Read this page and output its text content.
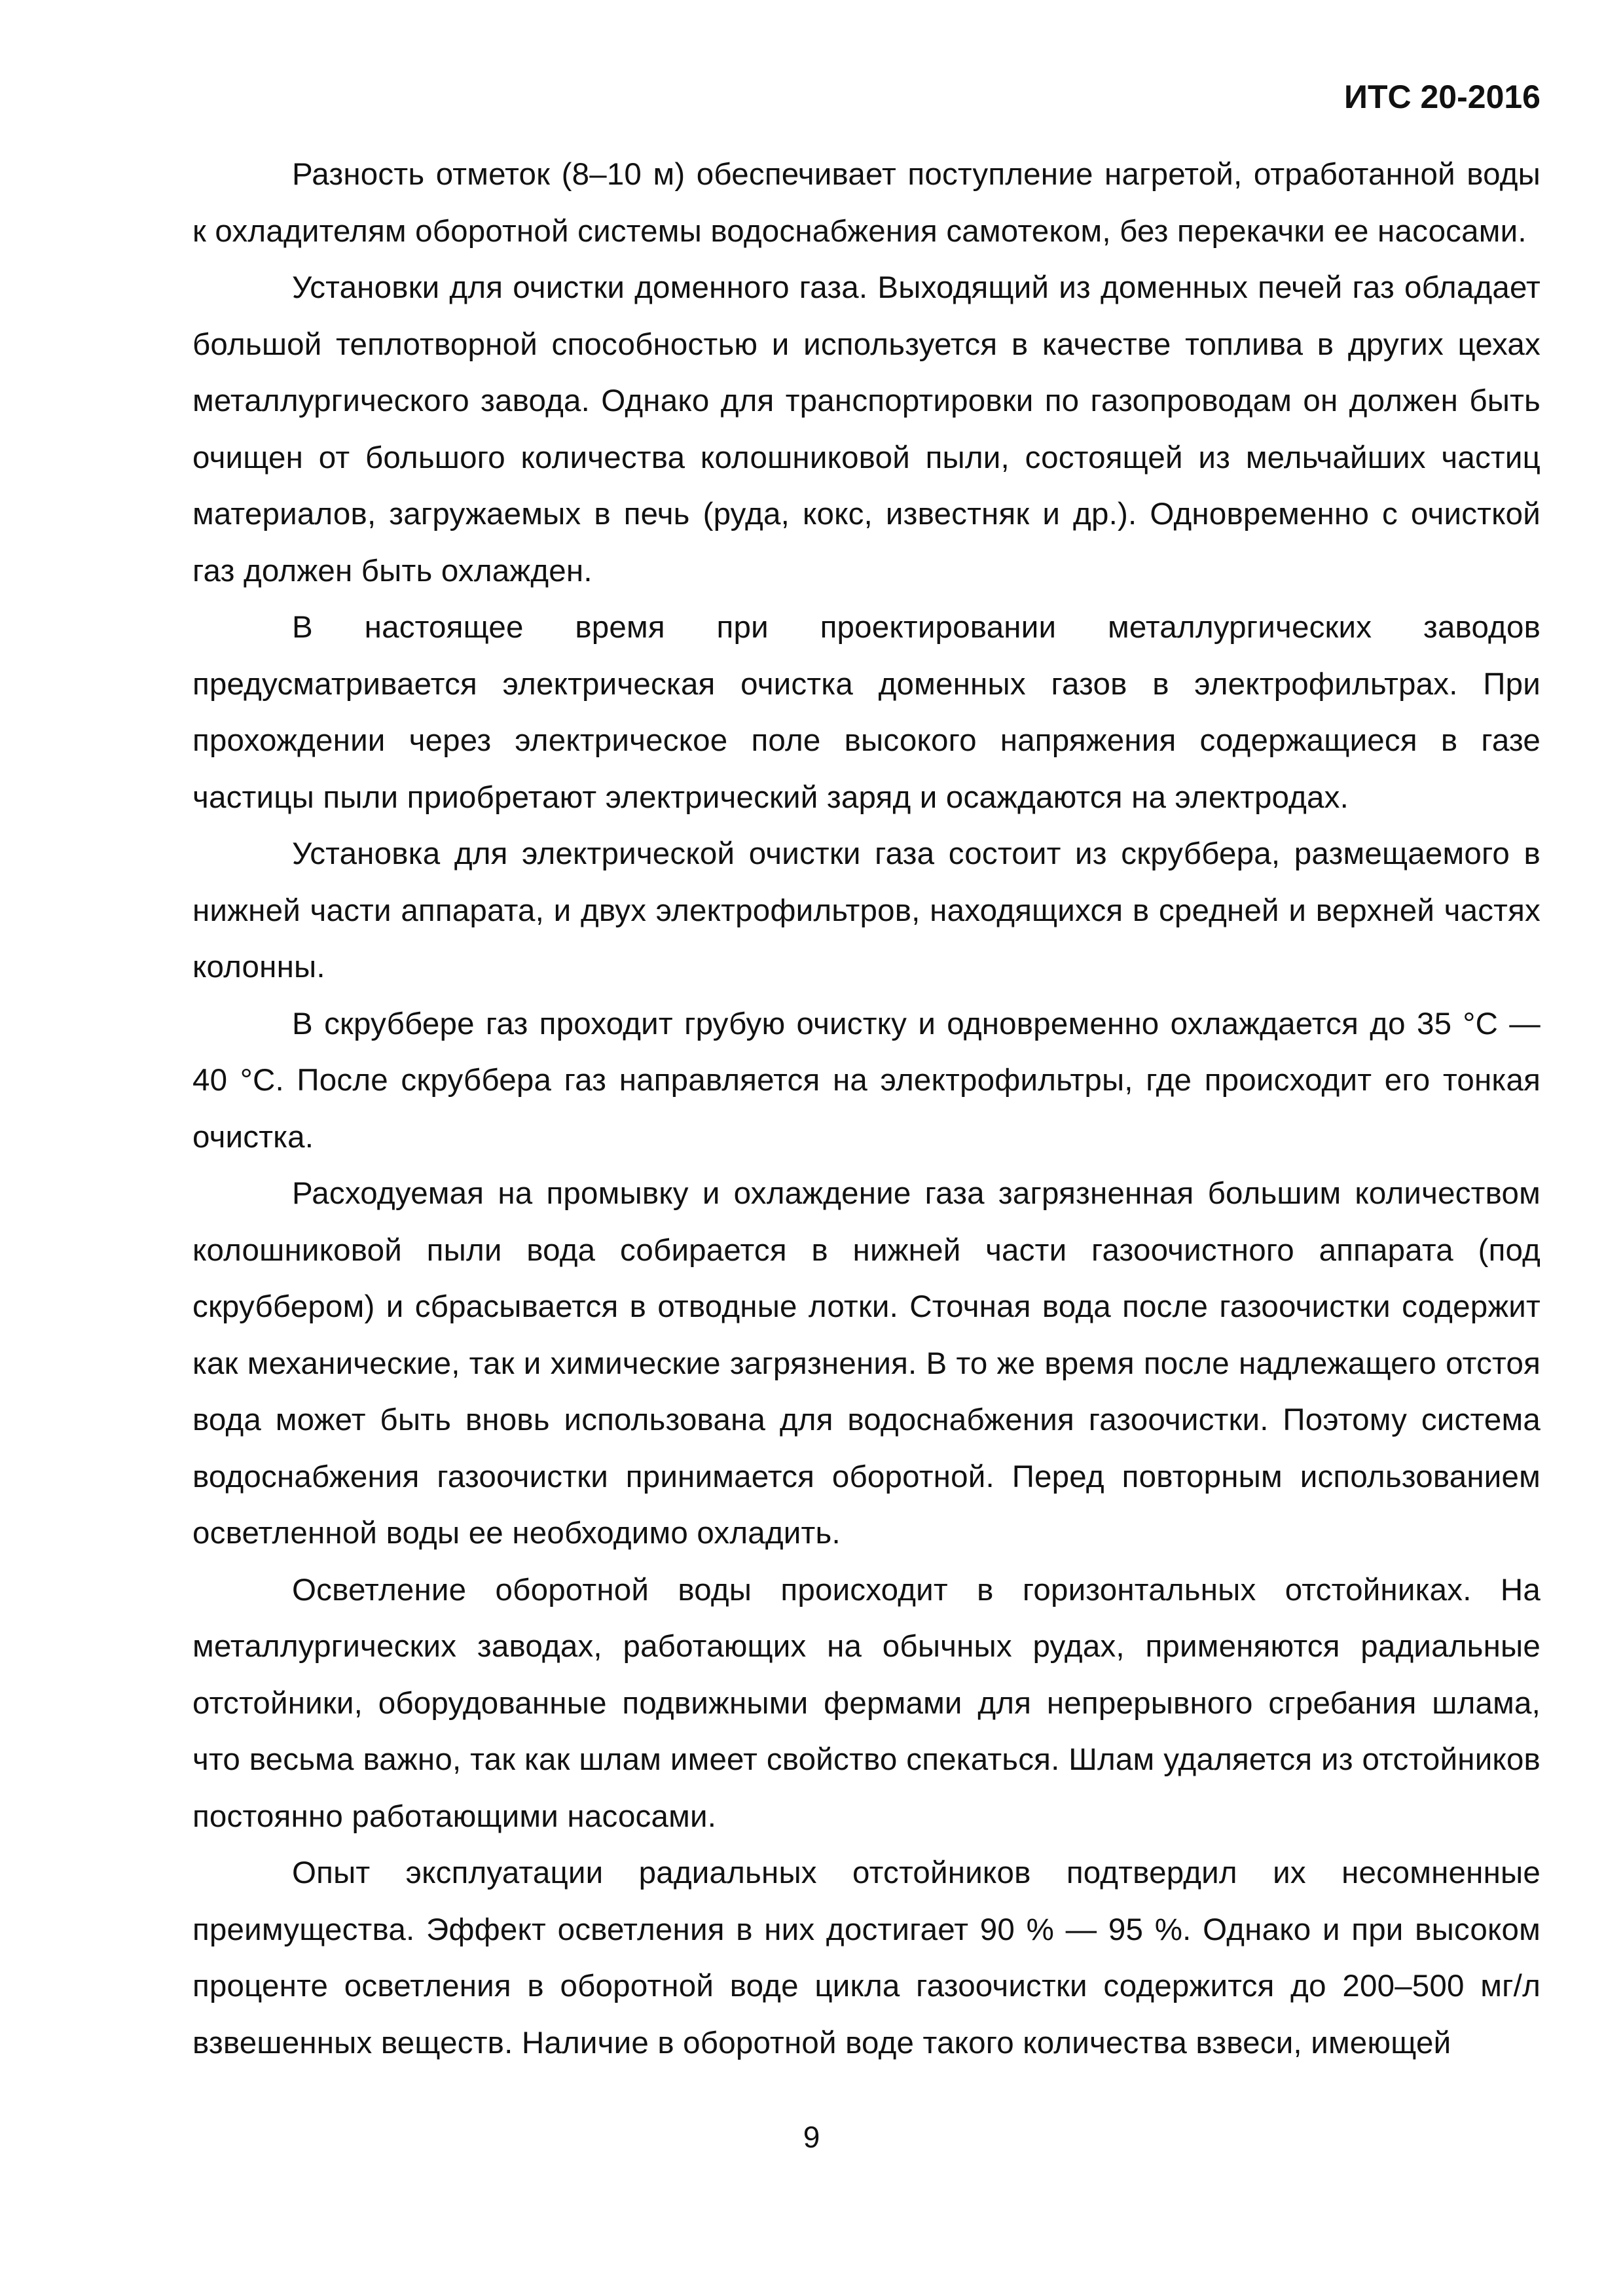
ИТС 20-2016

Разность отметок (8–10 м) обеспечивает поступление нагретой, отработанной воды к охладителям оборотной системы водоснабжения самотеком, без перекачки ее насосами.

Установки для очистки доменного газа. Выходящий из доменных печей газ обладает большой теплотворной способностью и используется в качестве топлива в других цехах металлургического завода. Однако для транспортировки по газопроводам он должен быть очищен от большого количества колошниковой пыли, состоящей из мельчайших частиц материалов, загружаемых в печь (руда, кокс, известняк и др.). Одновременно с очисткой газ должен быть охлажден.

В настоящее время при проектировании металлургических заводов предусматривается электрическая очистка доменных газов в электрофильтрах. При прохождении через электрическое поле высокого напряжения содержащиеся в газе частицы пыли приобретают электрический заряд и осаждаются на электродах.

Установка для электрической очистки газа состоит из скруббера, размещаемого в нижней части аппарата, и двух электрофильтров, находящихся в средней и верхней частях колонны.

В скруббере газ проходит грубую очистку и одновременно охлаждается до 35 °С — 40 °С. После скруббера газ направляется на электрофильтры, где происходит его тонкая очистка.

Расходуемая на промывку и охлаждение газа загрязненная большим количеством колошниковой пыли вода собирается в нижней части газоочистного аппарата (под скруббером) и сбрасывается в отводные лотки. Сточная вода после газоочистки содержит как механические, так и химические загрязнения. В то же время после надлежащего отстоя вода может быть вновь использована для водоснабжения газоочистки. Поэтому система водоснабжения газоочистки принимается оборотной. Перед повторным использованием осветленной воды ее необходимо охладить.

Осветление оборотной воды происходит в горизонтальных отстойниках. На металлургических заводах, работающих на обычных рудах, применяются радиальные отстойники, оборудованные подвижными фермами для непрерывного сгребания шлама, что весьма важно, так как шлам имеет свойство спекаться. Шлам удаляется из отстойников постоянно работающими насосами.

Опыт эксплуатации радиальных отстойников подтвердил их несомненные преимущества. Эффект осветления в них достигает 90 % — 95 %. Однако и при высоком проценте осветления в оборотной воде цикла газоочистки содержится до 200–500 мг/л взвешенных веществ. Наличие в оборотной воде такого количества взвеси, имеющей

9
